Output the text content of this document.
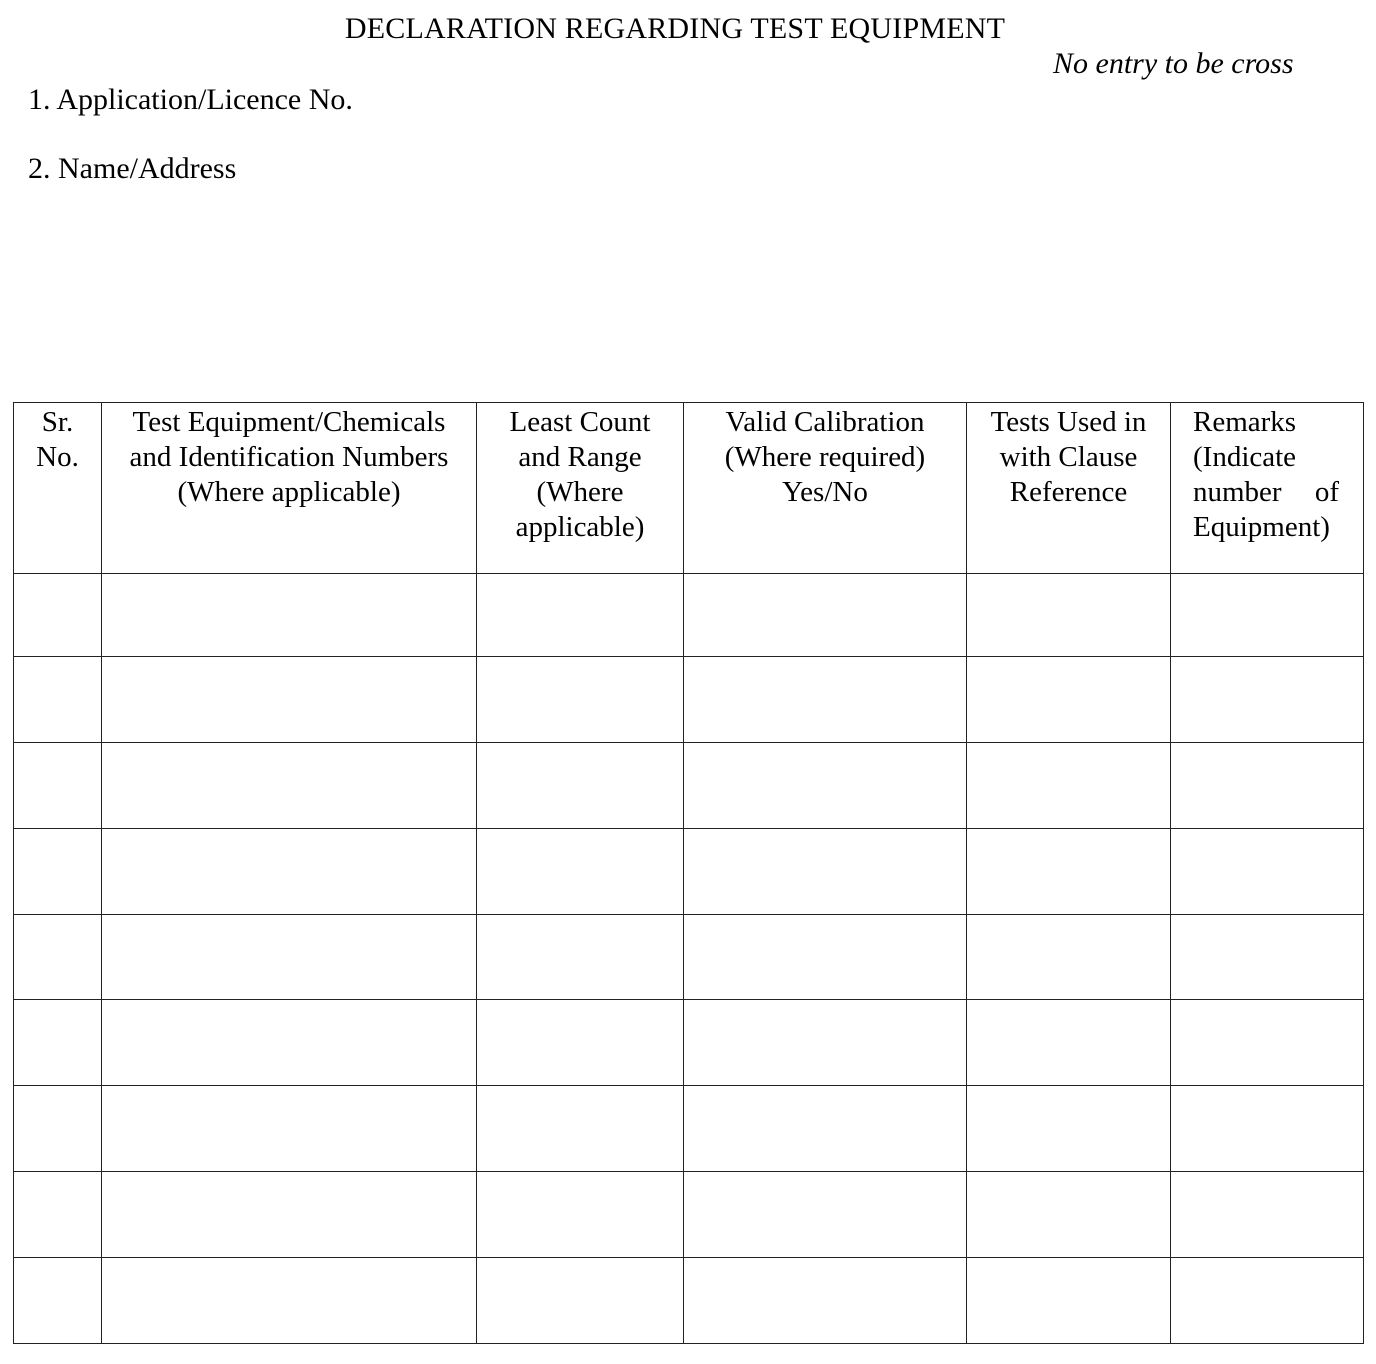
DECLARATION REGARDING TEST EQUIPMENT
No entry to be cross
1. Application/Licence No.
2. Name/Address
Sr. No.	Test Equipment/Chemicals and Identification Numbers (Where applicable)	Least Count and Range (Where applicable)	Valid Calibration (Where required) Yes/No	Tests Used in with Clause Reference	Remarks (Indicate number of Equipment)
